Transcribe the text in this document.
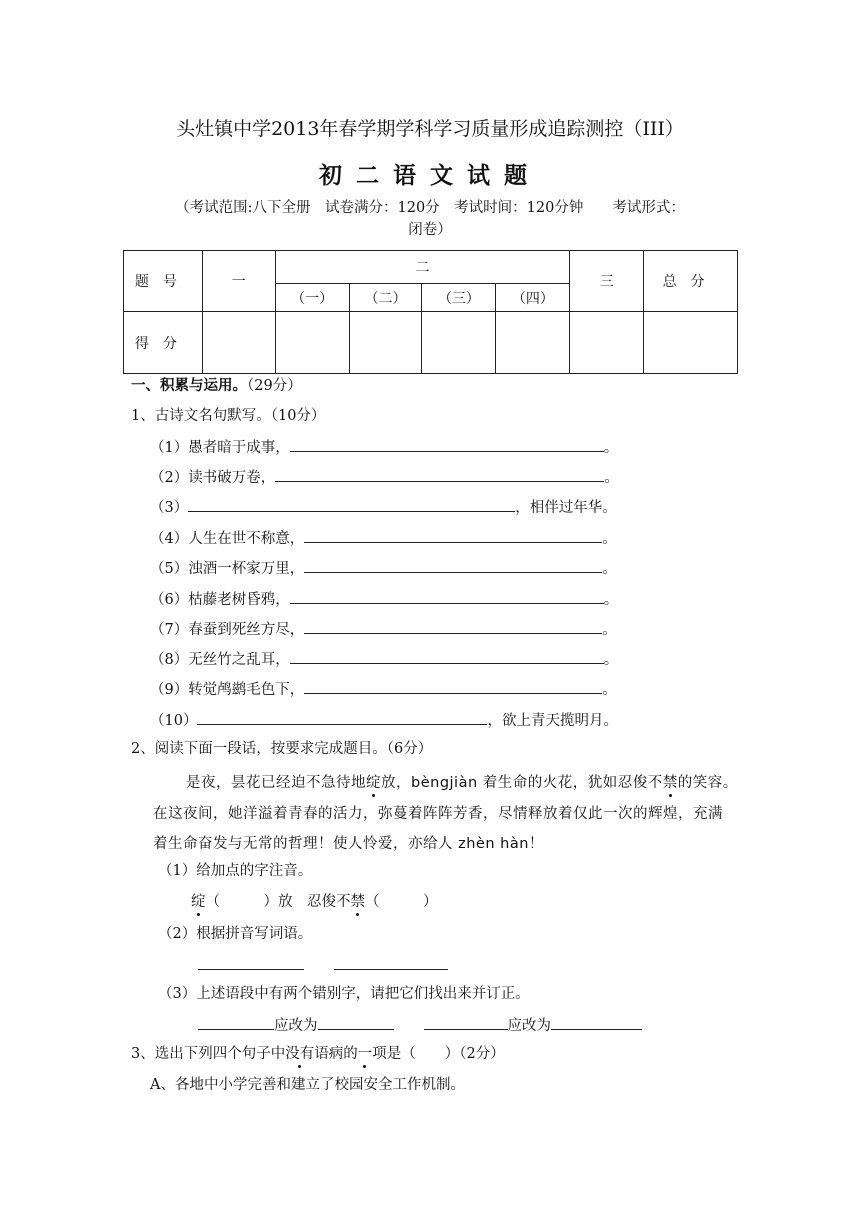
头灶镇中学2013年春学期学科学习质量形成追踪测控（III）
初二语文试题
（考试范围:八下全册　试卷满分：120分　考试时间：120分钟　　考试形式：
闭卷）
题号	一	二				三	总分
		（一）	（二）	（三）	（四）		
得分							
一、积累与运用。（29分）
1、古诗文名句默写。（10分）
（1）愚者暗于成事，	。
（2）读书破万卷，	。
（3）	，相伴过年华。
（4）人生在世不称意，	。
（5）浊酒一杯家万里，	。
（6）枯藤老树昏鸦，	。
（7）春蚕到死丝方尽，	。
（8）无丝竹之乱耳，	。
（9）转觉鸬鹚毛色下，	。
（10）	，欲上青天揽明月。
2、阅读下面一段话，按要求完成题目。（6分）
是夜，昙花已经迫不急待地绽放，bèngjiàn 着生命的火花，犹如忍俊不禁的笑容。
在这夜间，她洋溢着青春的活力，弥蔓着阵阵芳香，尽情释放着仅此一次的辉煌，充满
着生命奋发与无常的哲理！使人怜爱，亦给人 zhèn hàn！
（1）给加点的字注音。
绽（　　　）放　忍俊不禁（　　　）
（2）根据拼音写词语。
（3）上述语段中有两个错别字，请把它们找出来并订正。
应改为	应改为
3、选出下列四个句子中没有语病的一项是（　　）（2分）
A、各地中小学完善和建立了校园安全工作机制。
